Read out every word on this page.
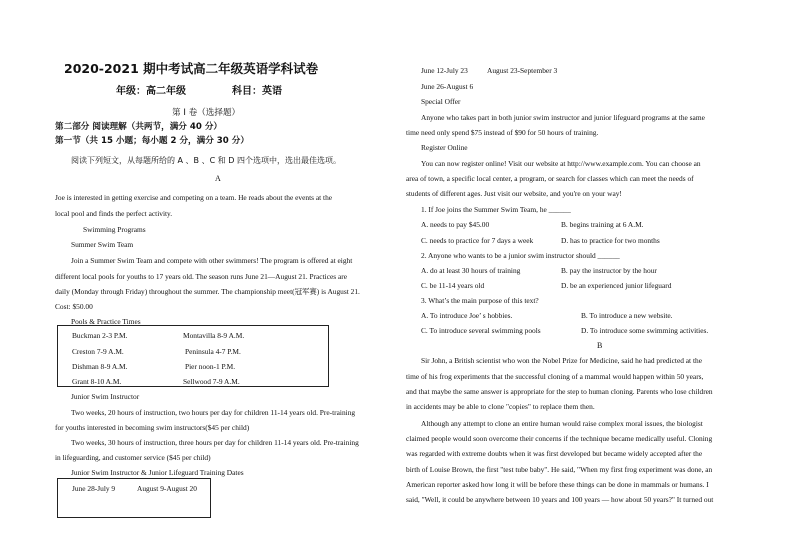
2020-2021 期中考试高二年级英语学科试卷
年级：高二年级	科目：英语
第 I 卷（选择题）
第二部分 阅读理解（共两节，满分 40 分）
第一节（共 15 小题；每小题 2 分，满分 30 分）
阅读下列短文，从每题所给的 A 、B 、C 和 D 四个选项中，选出最佳选项。
A
Joe is interested in getting exercise and competing on a team. He reads about the events at the
local pool and finds the perfect activity.
Swimming Programs
Summer Swim Team
Join a Summer Swim Team and compete with other swimmers! The program is offered at eight
different local pools for youths to 17 years old. The season runs June 21—August 21. Practices are
daily (Monday through Friday) throughout the summer. The championship meet(冠军赛) is August 21.
Cost: $50.00
Pools & Practice Times
Buckman 2-3 P.M.	Montavilla 8-9 A.M.
Creston 7-9 A.M.	Peninsula 4-7 P.M.
Dishman 8-9 A.M.	Pier noon-1 P.M.
Grant 8-10 A.M.	Sellwood 7-9 A.M.
Junior Swim Instructor
Two weeks, 20 hours of instruction, two hours per day for children 11-14 years old. Pre-training
for youths interested in becoming swim instructors($45 per child)
Two weeks, 30 hours of instruction, three hours per day for children 11-14 years old. Pre-training
in lifeguarding, and customer service ($45 per child)
Junior Swim Instructor & Junior Lifeguard Training Dates
June 28-July 9	August 9-August 20
June 12-July 23	August 23-September 3
June 26-August 6
Special Offer
Anyone who takes part in both junior swim instructor and junior lifeguard programs at the same
time need only spend $75 instead of $90 for 50 hours of training.
Register Online
You can now register online! Visit our website at http://www.example.com. You can choose an
area of town, a specific local center, a program, or search for classes which can meet the needs of
students of different ages. Just visit our website, and you're on your way!
1. If Joe joins the Summer Swim Team, he ______
A. needs to pay $45.00	B. begins training at 6 A.M.
C. needs to practice for 7 days a week	D. has to practice for two months
2. Anyone who wants to be a junior swim instructor should ______
A. do at least 30 hours of training	B. pay the instructor by the hour
C. be 11-14 years old	D. be an experienced junior lifeguard
3. What’s the main purpose of this text?
A. To introduce Joe’ s hobbies.	B. To introduce a new website.
C. To introduce several swimming pools	D. To introduce some swimming activities.
B
Sir John, a British scientist who won the Nobel Prize for Medicine, said he had predicted at the
time of his frog experiments that the successful cloning of a mammal would happen within 50 years,
and that maybe the same answer is appropriate for the step to human cloning. Parents who lose children
in accidents may be able to clone "copies" to replace them then.
Although any attempt to clone an entire human would raise complex moral issues, the biologist
claimed people would soon overcome their concerns if the technique became medically useful. Cloning
was regarded with extreme doubts when it was first developed but became widely accepted after the
birth of Louise Brown, the first "test tube baby". He said, "When my first frog experiment was done, an
American reporter asked how long it will be before these things can be done in mammals or humans. I
said, "Well, it could be anywhere between 10 years and 100 years — how about 50 years?" It turned out
